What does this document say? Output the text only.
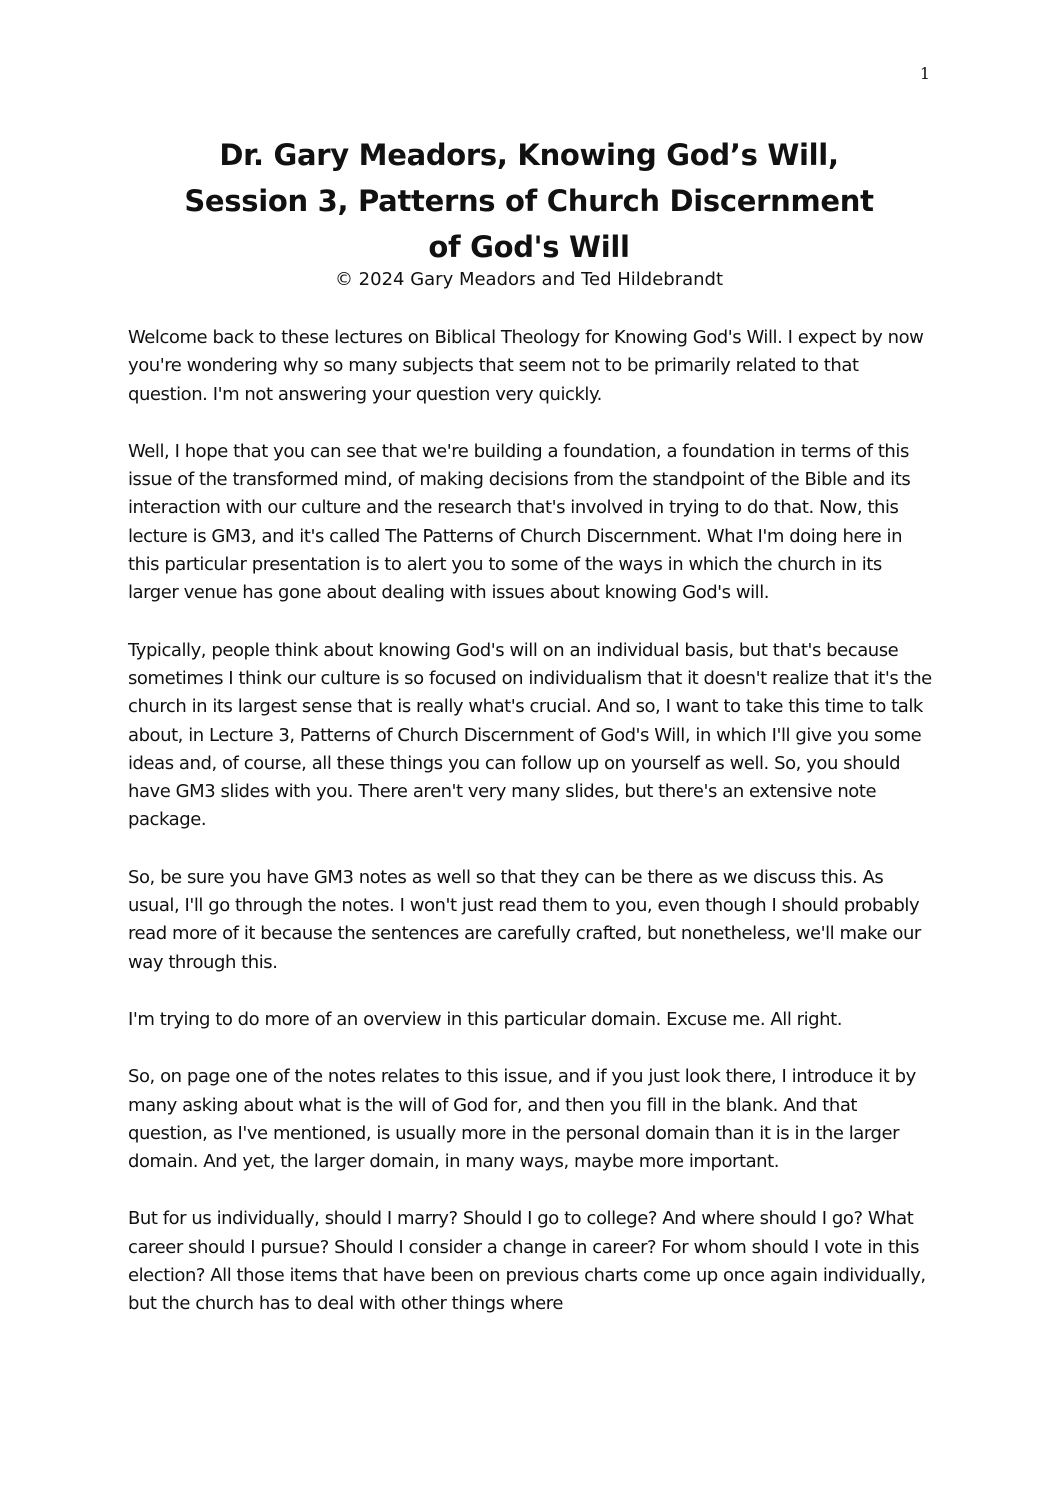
1
Dr. Gary Meadors, Knowing God’s Will,
Session 3, Patterns of Church Discernment
of God's Will

© 2024 Gary Meadors and Ted Hildebrandt

Welcome back to these lectures on Biblical Theology for Knowing God's Will. I expect by now you're wondering why so many subjects that seem not to be primarily related to that question. I'm not answering your question very quickly.

Well, I hope that you can see that we're building a foundation, a foundation in terms of this issue of the transformed mind, of making decisions from the standpoint of the Bible and its interaction with our culture and the research that's involved in trying to do that. Now, this lecture is GM3, and it's called The Patterns of Church Discernment. What I'm doing here in this particular presentation is to alert you to some of the ways in which the church in its larger venue has gone about dealing with issues about knowing God's will.

Typically, people think about knowing God's will on an individual basis, but that's because sometimes I think our culture is so focused on individualism that it doesn't realize that it's the church in its largest sense that is really what's crucial. And so, I want to take this time to talk about, in Lecture 3, Patterns of Church Discernment of God's Will, in which I'll give you some ideas and, of course, all these things you can follow up on yourself as well. So, you should have GM3 slides with you. There aren't very many slides, but there's an extensive note package.

So, be sure you have GM3 notes as well so that they can be there as we discuss this. As usual, I'll go through the notes. I won't just read them to you, even though I should probably read more of it because the sentences are carefully crafted, but nonetheless, we'll make our way through this.

I'm trying to do more of an overview in this particular domain. Excuse me. All right.

So, on page one of the notes relates to this issue, and if you just look there, I introduce it by many asking about what is the will of God for, and then you fill in the blank. And that question, as I've mentioned, is usually more in the personal domain than it is in the larger domain. And yet, the larger domain, in many ways, maybe more important.

But for us individually, should I marry? Should I go to college? And where should I go? What career should I pursue? Should I consider a change in career? For whom should I vote in this election? All those items that have been on previous charts come up once again individually, but the church has to deal with other things where
